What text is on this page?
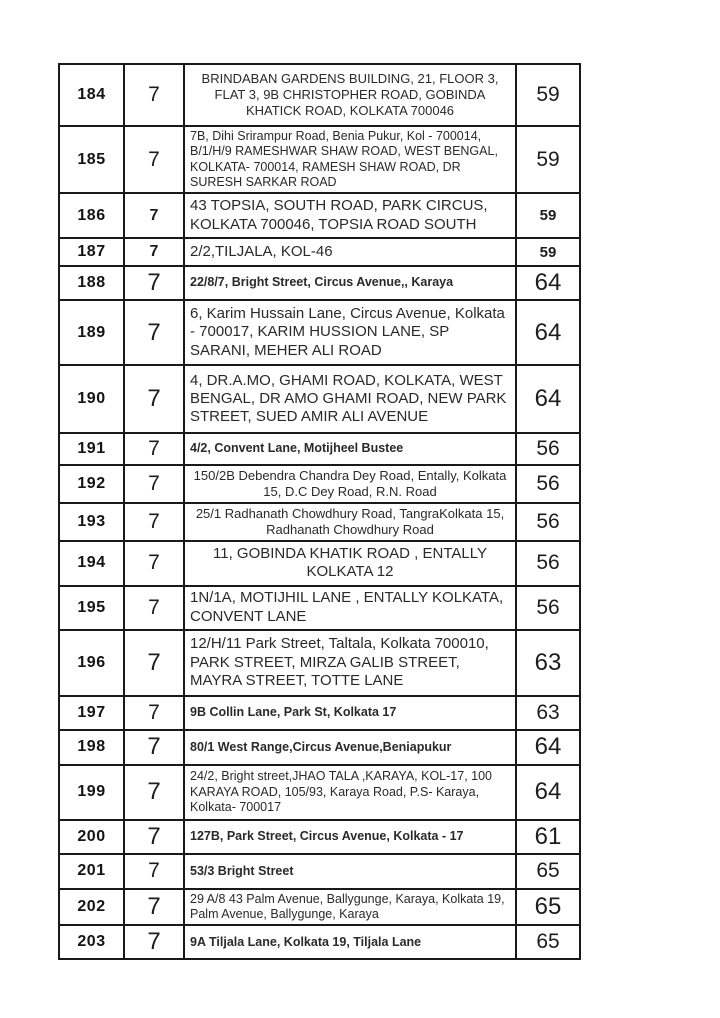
184	7	BRINDABAN GARDENS BUILDING, 21, FLOOR 3, FLAT 3, 9B CHRISTOPHER ROAD, GOBINDA KHATICK ROAD, KOLKATA 700046	59
185	7	7B, Dihi Srirampur Road, Benia Pukur, Kol - 700014, B/1/H/9 RAMESHWAR SHAW ROAD, WEST BENGAL, KOLKATA- 700014, RAMESH SHAW ROAD, DR SURESH SARKAR ROAD	59
186	7	43 TOPSIA, SOUTH ROAD, PARK CIRCUS, KOLKATA 700046, TOPSIA ROAD SOUTH	59
187	7	2/2,TILJALA, KOL-46	59
188	7	22/8/7, Bright Street, Circus Avenue,, Karaya	64
189	7	6, Karim Hussain Lane, Circus Avenue, Kolkata - 700017, KARIM HUSSION LANE, SP SARANI, MEHER ALI ROAD	64
190	7	4, DR.A.MO, GHAMI ROAD, KOLKATA, WEST BENGAL, DR AMO GHAMI ROAD, NEW PARK STREET, SUED AMIR ALI AVENUE	64
191	7	4/2, Convent Lane, Motijheel Bustee	56
192	7	150/2B Debendra Chandra Dey Road, Entally, Kolkata 15, D.C Dey Road, R.N. Road	56
193	7	25/1 Radhanath Chowdhury Road, TangraKolkata 15, Radhanath Chowdhury Road	56
194	7	11, GOBINDA KHATIK ROAD , ENTALLY KOLKATA 12	56
195	7	1N/1A, MOTIJHIL LANE , ENTALLY KOLKATA, CONVENT LANE	56
196	7	12/H/11 Park Street, Taltala, Kolkata 700010, PARK STREET, MIRZA GALIB STREET, MAYRA STREET, TOTTE LANE	63
197	7	9B Collin Lane, Park St, Kolkata 17	63
198	7	80/1 West Range,Circus Avenue,Beniapukur	64
199	7	24/2, Bright street,JHAO TALA ,KARAYA, KOL-17, 100 KARAYA ROAD, 105/93, Karaya Road, P.S- Karaya, Kolkata- 700017	64
200	7	127B, Park Street, Circus Avenue, Kolkata - 17	61
201	7	53/3 Bright Street	65
202	7	29 A/8 43 Palm Avenue, Ballygunge, Karaya, Kolkata 19, Palm Avenue, Ballygunge, Karaya	65
203	7	9A Tiljala Lane, Kolkata 19, Tiljala Lane	65
